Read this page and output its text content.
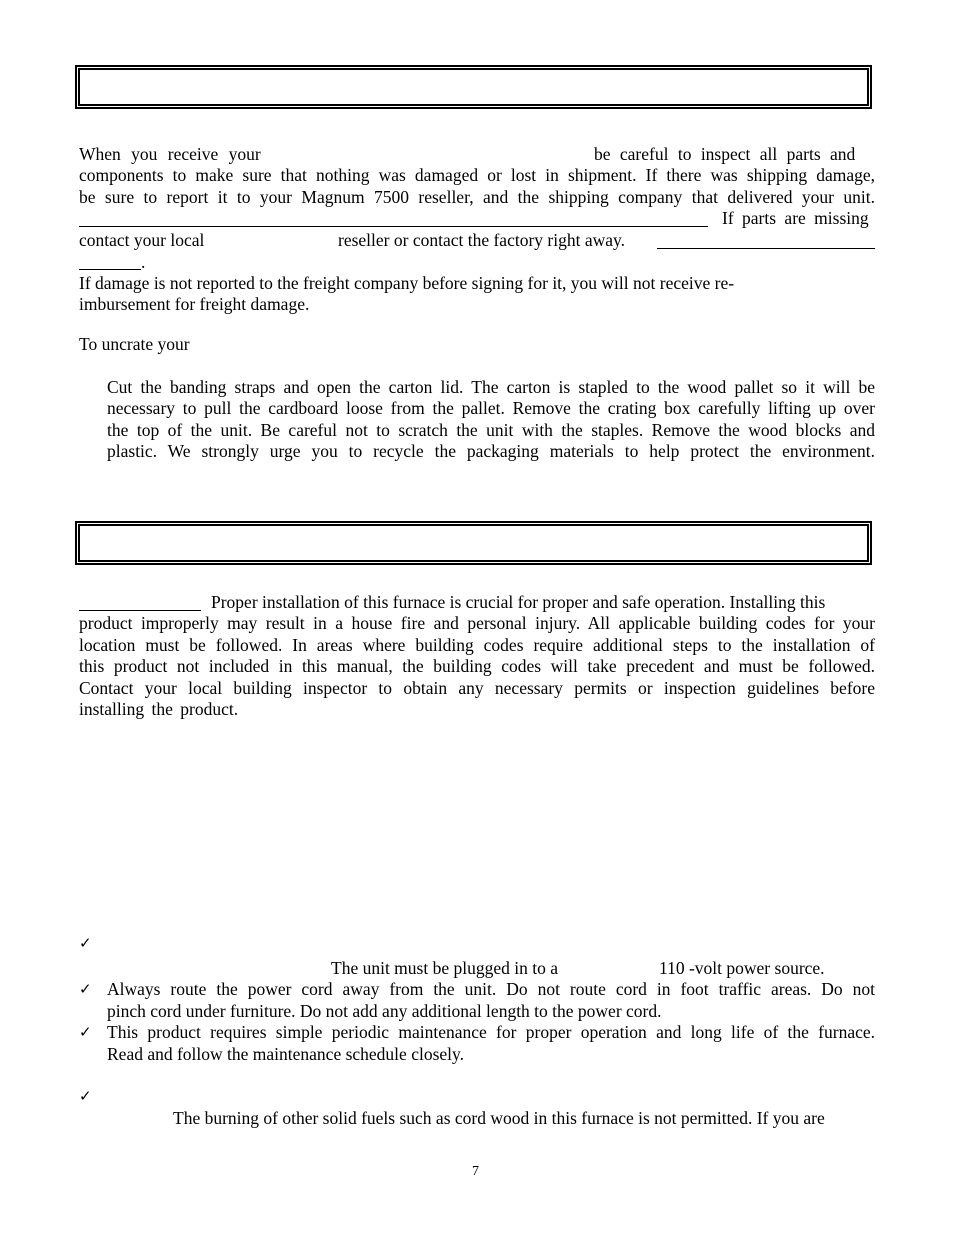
When you receive your	be careful to inspect all parts and
components to make sure that nothing was damaged or lost in shipment. If there was shipping damage,
be sure to report it to your Magnum 7500 reseller, and the shipping company that delivered your unit.
If parts are missing
contact your local	reseller or contact the factory right away.
.
If damage is not reported to the freight company before signing for it, you will not receive re-
imbursement for freight damage.
To uncrate your
Cut the banding straps and open the carton lid. The carton is stapled to the wood pallet so it will be
necessary to pull the cardboard loose from the pallet. Remove the crating box carefully lifting up over
the top of the unit. Be careful not to scratch the unit with the staples. Remove the wood blocks and
plastic. We strongly urge you to recycle the packaging materials to help protect the environment.
Proper installation of this furnace is crucial for proper and safe operation. Installing this
product improperly may result in a house fire and personal injury. All applicable building codes for your
location must be followed. In areas where building codes require additional steps to the installation of
this product not included in this manual, the building codes will take precedent and must be followed.
Contact your local building inspector to obtain any necessary permits or inspection guidelines before
installing the product.
✓
The unit must be plugged in to a	110 -volt power source.
✓ Always route the power cord away from the unit. Do not route cord in foot traffic areas. Do not
pinch cord under furniture. Do not add any additional length to the power cord.
✓ This product requires simple periodic maintenance for proper operation and long life of the furnace.
Read and follow the maintenance schedule closely.
✓
The burning of other solid fuels such as cord wood in this furnace is not permitted. If you are
7
